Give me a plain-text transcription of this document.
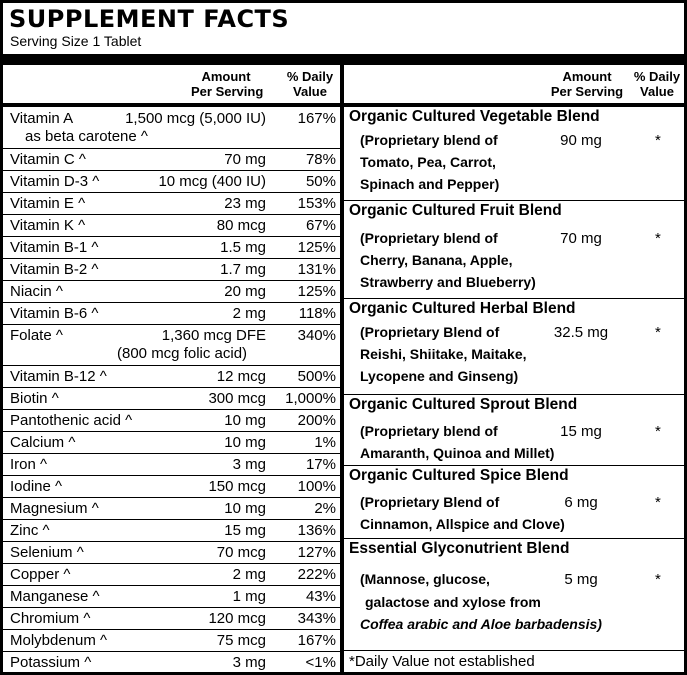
SUPPLEMENT FACTS
Serving Size 1 Tablet
Amount
Per Serving
% Daily
Value
Amount
Per Serving
% Daily
Value
Vitamin A	1,500 mcg (5,000 IU) 167%
as beta carotene ^
Vitamin C ^	70 mg	78%
Vitamin D-3 ^	10 mcg (400 IU)	50%
Vitamin E ^	23 mg 153%
Vitamin K ^	80 mcg	67%
Vitamin B-1 ^	1.5 mg 125%
Vitamin B-2 ^	1.7 mg 131%
Niacin ^	20 mg 125%
Vitamin B-6 ^	2 mg 118%
Folate ^	1,360 mcg DFE 340%
(800 mcg folic acid)
Vitamin B-12 ^	12 mcg 500%
Biotin ^	300 mcg 1,000%
Pantothenic acid ^	10 mg 200%
Calcium ^	10 mg	1%
Iron ^	3 mg	17%
Iodine ^	150 mcg 100%
Magnesium ^	10 mg	2%
Zinc ^	15 mg 136%
Selenium ^	70 mcg 127%
Copper ^	2 mg 222%
Manganese ^	1 mg	43%
Chromium ^	120 mcg 343%
Molybdenum ^	75 mcg 167%
Potassium ^	3 mg	<1%
Organic Cultured Vegetable Blend
(Proprietary blend of
Tomato, Pea, Carrot,
Spinach and Pepper)
90 mg	*
Organic Cultured Fruit Blend
(Proprietary blend of
Cherry, Banana, Apple,
Strawberry and Blueberry)
70 mg	*
Organic Cultured Herbal Blend
(Proprietary Blend of
Reishi, Shiitake, Maitake,
Lycopene and Ginseng)
32.5 mg	*
Organic Cultured Sprout Blend
(Proprietary blend of
Amaranth, Quinoa and Millet)
15 mg	*
Organic Cultured Spice Blend
(Proprietary Blend of
Cinnamon, Allspice and Clove)
6 mg	*
Essential Glyconutrient Blend
(Mannose, glucose,
galactose and xylose from
Coffea arabic and Aloe barbadensis)
5 mg	*
*Daily Value not established
